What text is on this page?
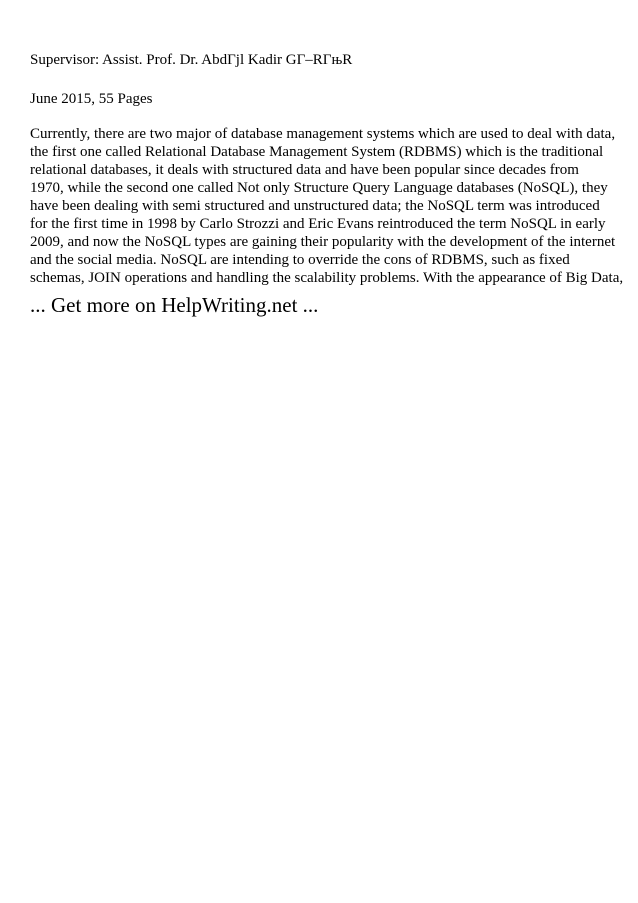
Supervisor: Assist. Prof. Dr. AbdГјl Kadir GГ–RГњR
June 2015, 55 Pages

Currently, there are two major of database management systems which are used to deal with data,
the first one called Relational Database Management System (RDBMS) which is the traditional
relational databases, it deals with structured data and have been popular since decades from
1970, while the second one called Not only Structure Query Language databases (NoSQL), they
have been dealing with semi structured and unstructured data; the NoSQL term was introduced
for the first time in 1998 by Carlo Strozzi and Eric Evans reintroduced the term NoSQL in early
2009, and now the NoSQL types are gaining their popularity with the development of the internet
and the social media. NoSQL are intending to override the cons of RDBMS, such as fixed
schemas, JOIN operations and handling the scalability problems. With the appearance of Big Data,

... Get more on HelpWriting.net ...
